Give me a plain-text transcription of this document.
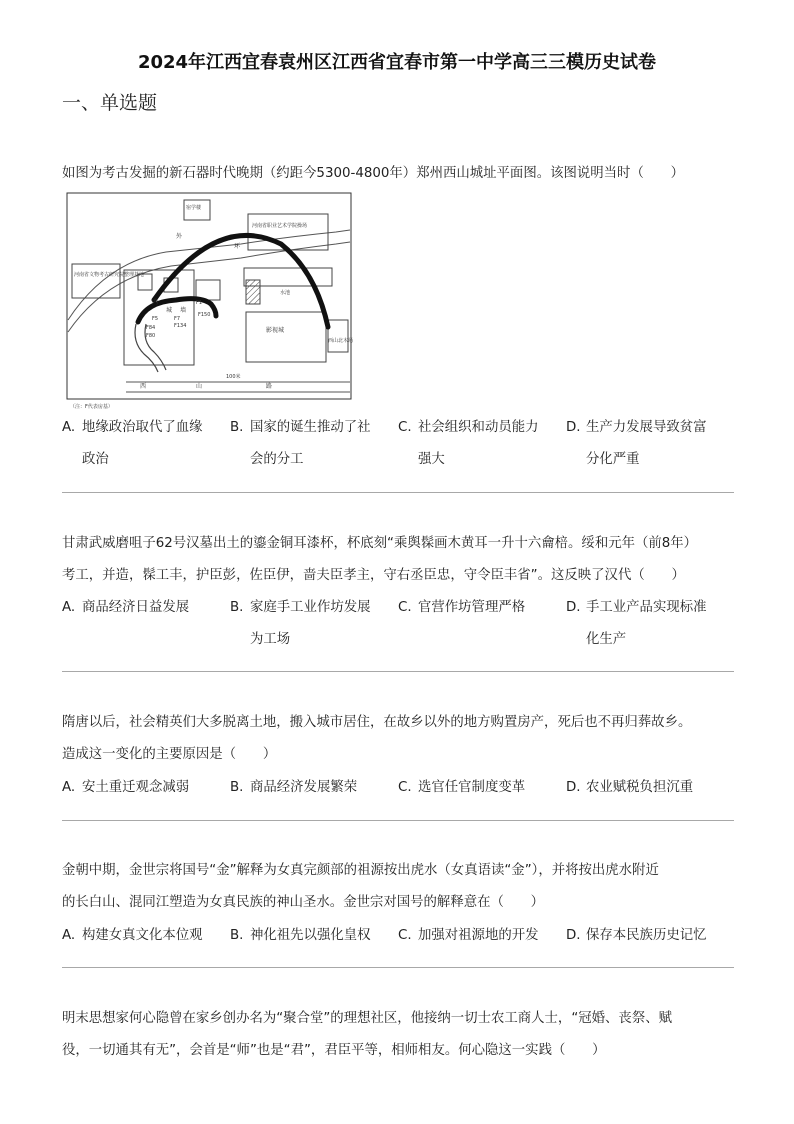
2024年江西宜春袁州区江西省宜春市第一中学高三三模历史试卷
一、单选题
如图为考古发掘的新石器时代晚期（约距今5300-4800年）郑州西山城址平面图。该图说明当时（　　）
宿学楼
河南省职业艺术学院操场
外
环
河南省文物考古研究院整理基地
内
城 墙
F1
F5	F7
F134
F150
F84
F80
水池
影视城
西山北木场
西	山	路
100米
（注：F代表房基）
A. 地缘政治取代了血缘
政治
B. 国家的诞生推动了社
会的分工
C. 社会组织和动员能力
强大
D. 生产力发展导致贫富
分化严重
甘肃武威磨咀子62号汉墓出土的鎏金铜耳漆杯，杯底刻“乘舆髹画木黄耳一升十六龠棓。绥和元年（前8年）
考工，并造，髹工丰，护臣彭，佐臣伊，啬夫臣孝主，守右丞臣忠，守令臣丰省”。这反映了汉代（　　）
A. 商品经济日益发展	B. 家庭手工业作坊发展
为工场
C. 官营作坊管理严格	D. 手工业产品实现标准
化生产
隋唐以后，社会精英们大多脱离土地，搬入城市居住，在故乡以外的地方购置房产，死后也不再归葬故乡。
造成这一变化的主要原因是（　　）
A. 安土重迁观念减弱	B. 商品经济发展繁荣	C. 选官任官制度变革	D. 农业赋税负担沉重
金朝中期，金世宗将国号“金”解释为女真完颜部的祖源按出虎水（女真语读“金”），并将按出虎水附近
的长白山、混同江塑造为女真民族的神山圣水。金世宗对国号的解释意在（　　）
A. 构建女真文化本位观	B. 神化祖先以强化皇权	C. 加强对祖源地的开发	D. 保存本民族历史记忆
明末思想家何心隐曾在家乡创办名为“聚合堂”的理想社区，他接纳一切士农工商人士，“冠婚、丧祭、赋
役，一切通其有无”，会首是“师”也是“君”，君臣平等，相师相友。何心隐这一实践（　　）
